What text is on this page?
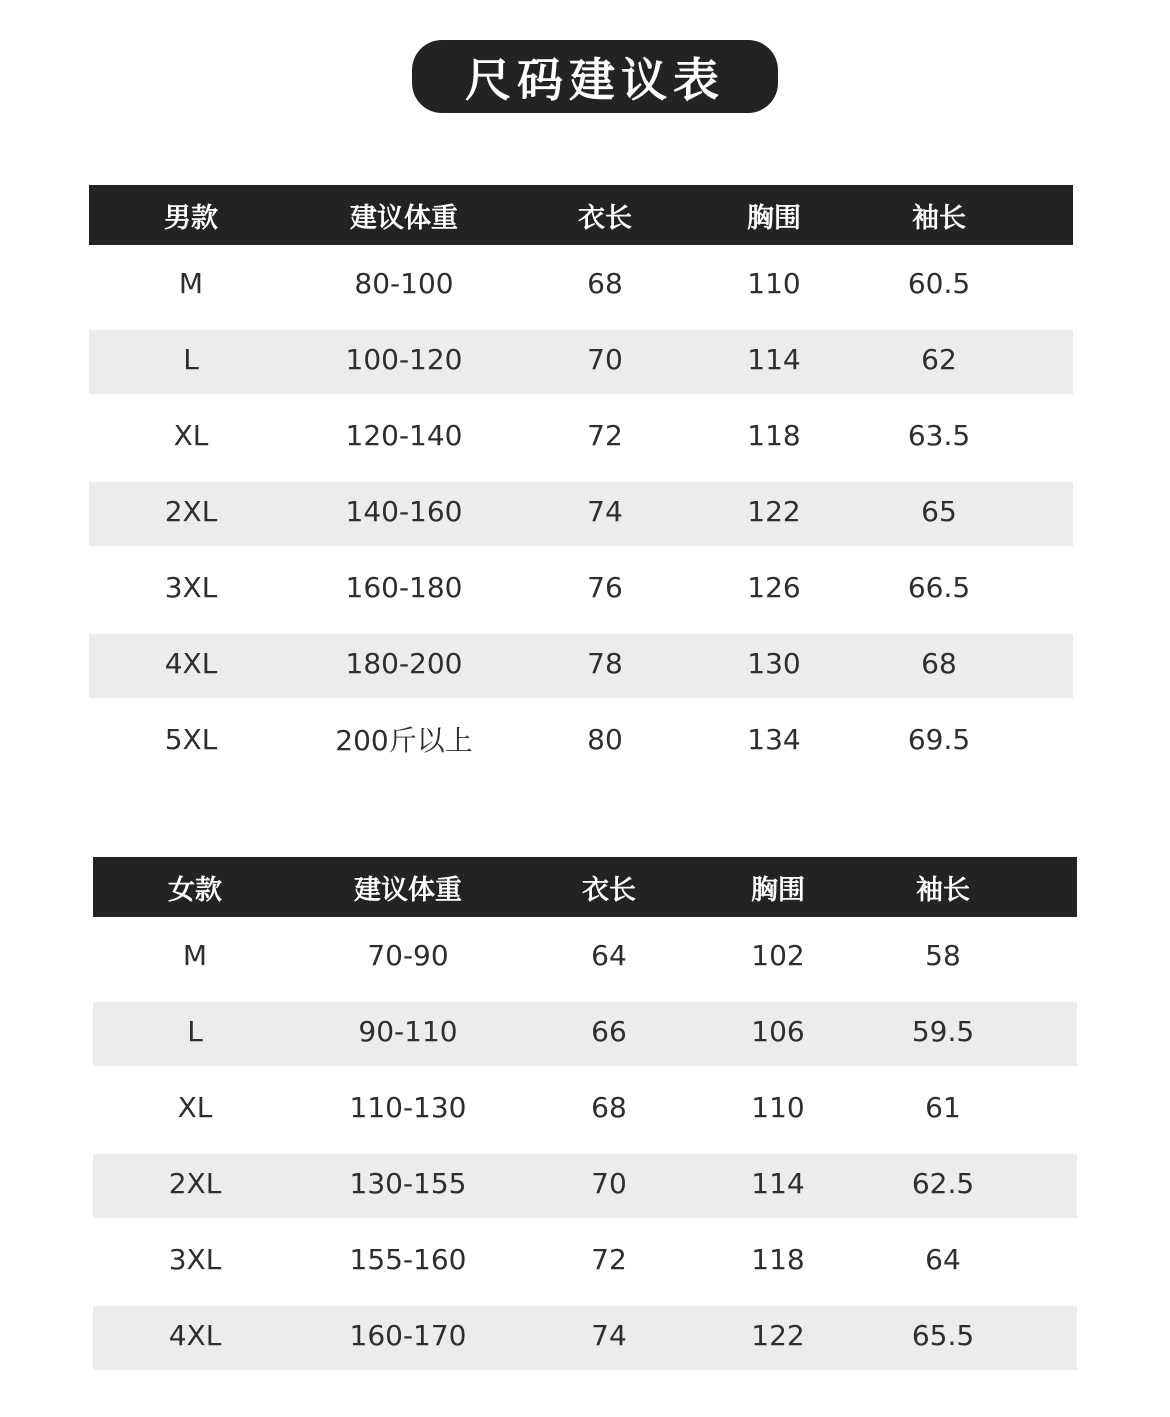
尺码建议表
男款	建议体重	衣长	胸围	袖长
M	80-100	68	110	60.5
L	100-120	70	114	62
XL	120-140	72	118	63.5
2XL	140-160	74	122	65
3XL	160-180	76	126	66.5
4XL	180-200	78	130	68
5XL	200斤以上	80	134	69.5
女款	建议体重	衣长	胸围	袖长
M	70-90	64	102	58
L	90-110	66	106	59.5
XL	110-130	68	110	61
2XL	130-155	70	114	62.5
3XL	155-160	72	118	64
4XL	160-170	74	122	65.5
